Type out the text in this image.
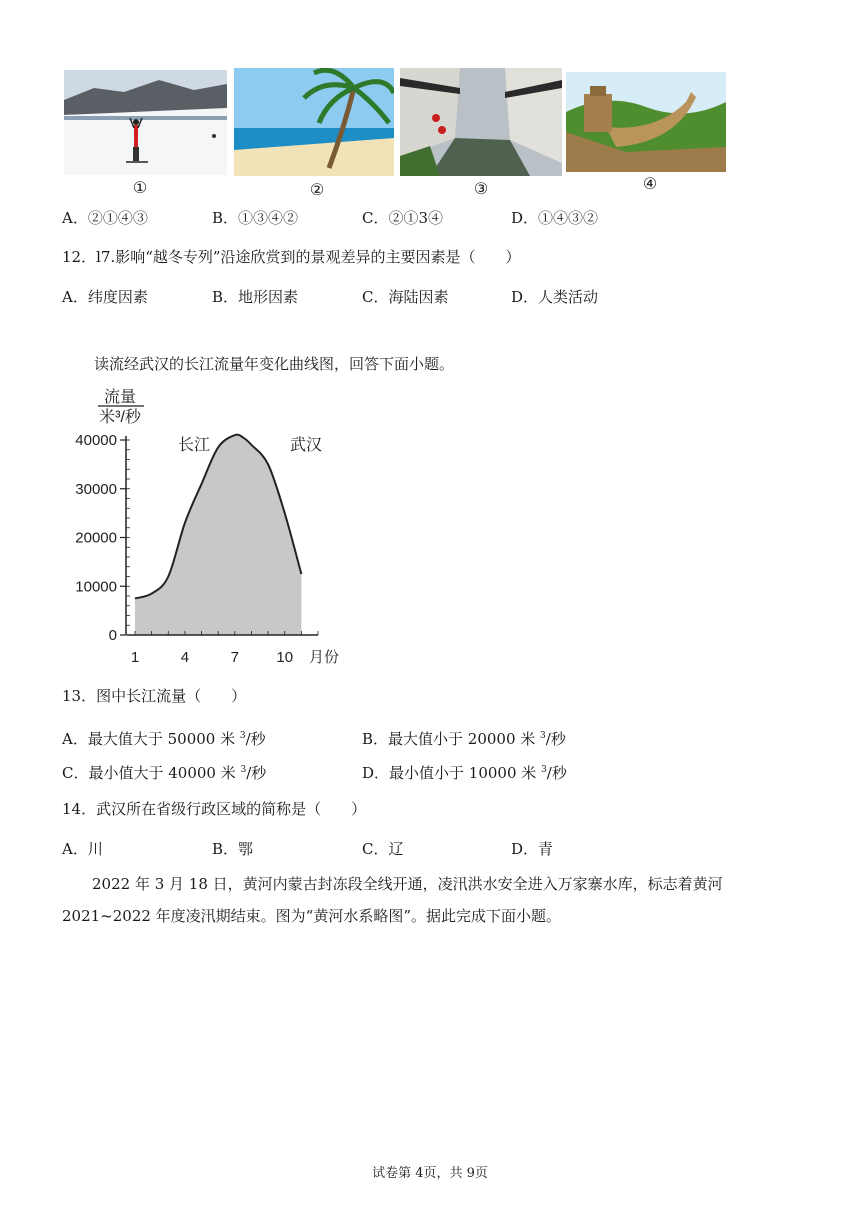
①	②	③	④
A．②①④③	B．①③④②	C．②①3④	D．①④③②
12．l7.影响“越冬专列”沿途欣赏到的景观差异的主要因素是（　　）
A．纬度因素	B．地形因素	C．海陆因素	D．人类活动
读流经武汉的长江流量年变化曲线图，回答下面小题。
流量
米³/秒
40000
30000
20000
10000
0
1	4	7 10 月份
长江	武汉
13．图中长江流量（　　）
A．最大值大于 50000 米 $^3$/秒	B．最大值小于 20000 米 $^3$/秒
C．最小值大于 40000 米 $^3$/秒	D．最小值小于 10000 米 $^3$/秒
14．武汉所在省级行政区域的简称是（　　）
A．川	B．鄂	C．辽	D．青
2022 年 3 月 18 日，黄河内蒙古封冻段全线开通，凌汛洪水安全进入万家寨水库，标志着黄河
2021~2022 年度凌汛期结束。图为“黄河水系略图”。据此完成下面小题。
试卷第 4页，共 9页
